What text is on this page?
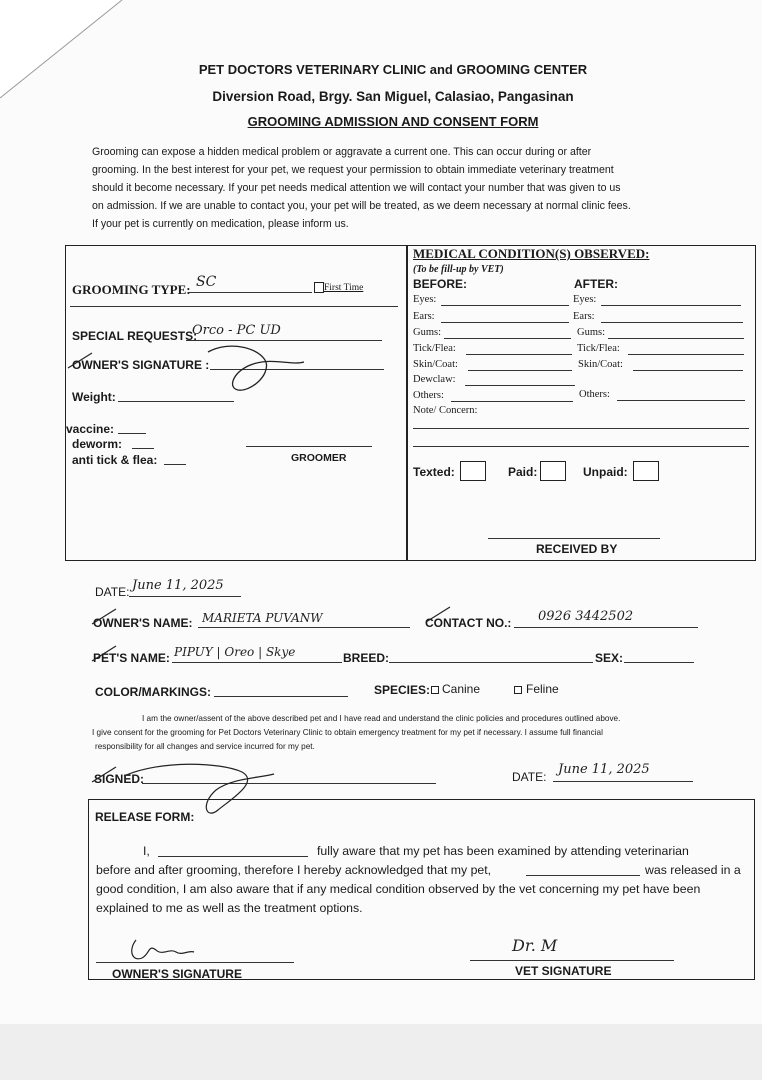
PET DOCTORS VETERINARY CLINIC and GROOMING CENTER
Diversion Road, Brgy. San Miguel, Calasiao, Pangasinan
GROOMING ADMISSION AND CONSENT FORM
Grooming can expose a hidden medical problem or aggravate a current one. This can occur during or after
grooming. In the best interest for your pet, we request your permission to obtain immediate veterinary treatment
should it become necessary. If your pet needs medical attention we will contact your number that was given to us
on admission. If we are unable to contact you, your pet will be treated, as we deem necessary at normal clinic fees.
If your pet is currently on medication, please inform us.
GROOMING TYPE: SC	First Time
SPECIAL REQUESTS:
Orco - PC UD
OWNER'S SIGNATURE :
Weight:
vaccine:
deworm:
anti tick & flea:	GROOMER
MEDICAL CONDITION(S) OBSERVED:
(To be fill-up by VET)
BEFORE:	AFTER:
Eyes:	Eyes:
Ears:	Ears:
Gums:	Gums:
Tick/Flea:	Tick/Flea:
Skin/Coat:	Skin/Coat:
Dewclaw:
Others:	Others:
Note/ Concern:
Texted:	Paid:	Unpaid:
RECEIVED BY
DATE: June 11, 2025
OWNER'S NAME: MARIETA PUVANW	CONTACT NO.: 0926 3442502
PET'S NAME: PIPUY | Oreo | Skye	BREED:	SEX:
COLOR/MARKINGS:	SPECIES: Canine	Feline
I am the owner/assent of the above described pet and I have read and understand the clinic policies and procedures outlined above.
I give consent for the grooming for Pet Doctors Veterinary Clinic to obtain emergency treatment for my pet if necessary. I assume full financial
responsibility for all changes and service incurred for my pet.
SIGNED:	DATE: June 11, 2025
RELEASE FORM:
I,	fully aware that my pet has been examined by attending veterinarian
before and after grooming, therefore I hereby acknowledged that my pet,	was released in a
good condition, I am also aware that if any medical condition observed by the vet concerning my pet have been
explained to me as well as the treatment options.
OWNER'S SIGNATURE
Dr. M
VET SIGNATURE
